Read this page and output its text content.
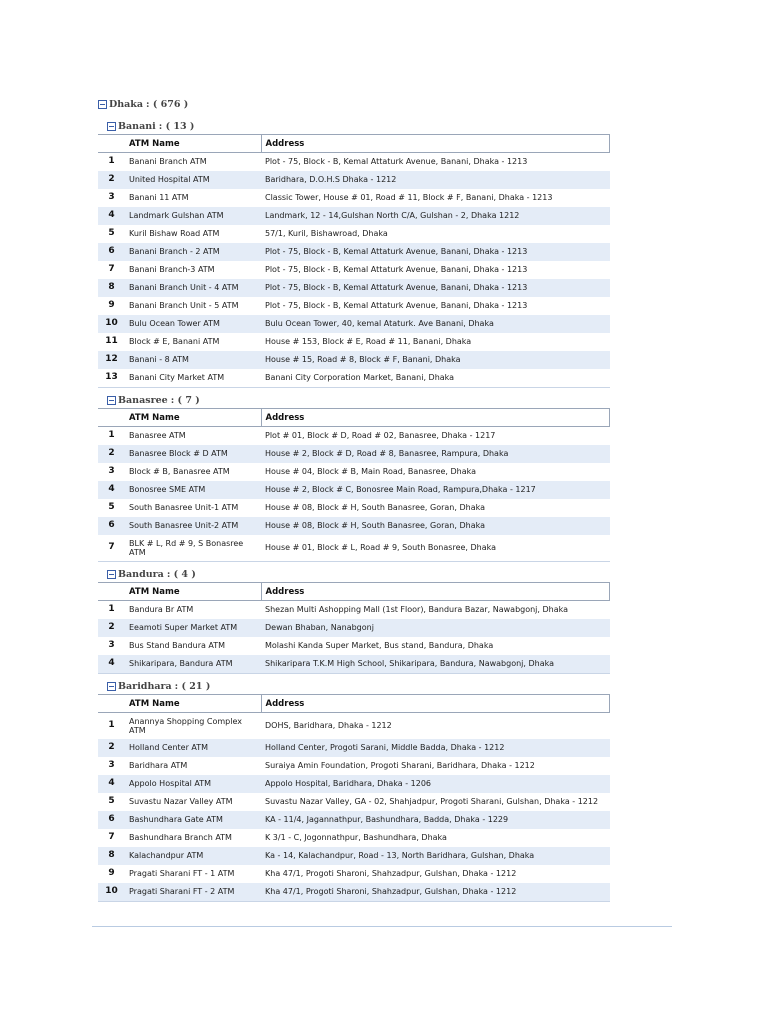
Dhaka : ( 676 )
Banani : ( 13 )
	ATM Name	Address
1	Banani Branch ATM	Plot - 75, Block - B, Kemal Attaturk Avenue, Banani, Dhaka - 1213
2	United Hospital ATM	Baridhara, D.O.H.S Dhaka - 1212
3	Banani 11 ATM	Classic Tower, House # 01, Road # 11, Block # F, Banani, Dhaka - 1213
4	Landmark Gulshan ATM	Landmark, 12 - 14,Gulshan North C/A, Gulshan - 2, Dhaka 1212
5	Kuril Bishaw Road ATM	57/1, Kuril, Bishawroad, Dhaka
6	Banani Branch - 2 ATM	Plot - 75, Block - B, Kemal Attaturk Avenue, Banani, Dhaka - 1213
7	Banani Branch-3 ATM	Plot - 75, Block - B, Kemal Attaturk Avenue, Banani, Dhaka - 1213
8	Banani Branch Unit - 4 ATM	Plot - 75, Block - B, Kemal Attaturk Avenue, Banani, Dhaka - 1213
9	Banani Branch Unit - 5 ATM	Plot - 75, Block - B, Kemal Attaturk Avenue, Banani, Dhaka - 1213
10	Bulu Ocean Tower ATM	Bulu Ocean Tower, 40, kemal Ataturk. Ave Banani, Dhaka
11	Block # E, Banani ATM	House # 153, Block # E, Road # 11, Banani, Dhaka
12	Banani - 8 ATM	House # 15, Road # 8, Block # F, Banani, Dhaka
13	Banani City Market ATM	Banani City Corporation Market, Banani, Dhaka
Banasree : ( 7 )
	ATM Name	Address
1	Banasree ATM	Plot # 01, Block # D, Road # 02, Banasree, Dhaka - 1217
2	Banasree Block # D ATM	House # 2, Block # D, Road # 8, Banasree, Rampura, Dhaka
3	Block # B, Banasree ATM	House # 04, Block # B, Main Road, Banasree, Dhaka
4	Bonosree SME ATM	House # 2, Block # C, Bonosree Main Road, Rampura,Dhaka - 1217
5	South Banasree Unit-1 ATM	House # 08, Block # H, South Banasree, Goran, Dhaka
6	South Banasree Unit-2 ATM	House # 08, Block # H, South Banasree, Goran, Dhaka
7	BLK # L, Rd # 9, S Bonasree ATM	House # 01, Block # L, Road # 9, South Bonasree, Dhaka
Bandura : ( 4 )
	ATM Name	Address
1	Bandura Br ATM	Shezan Multi Ashopping Mall (1st Floor), Bandura Bazar, Nawabgonj, Dhaka
2	Eeamoti Super Market ATM	Dewan Bhaban, Nanabgonj
3	Bus Stand Bandura ATM	Molashi Kanda Super Market, Bus stand, Bandura, Dhaka
4	Shikaripara, Bandura ATM	Shikaripara T.K.M High School, Shikaripara, Bandura, Nawabgonj, Dhaka
Baridhara : ( 21 )
	ATM Name	Address
1	Anannya Shopping Complex ATM	DOHS, Baridhara, Dhaka - 1212
2	Holland Center ATM	Holland Center, Progoti Sarani, Middle Badda, Dhaka - 1212
3	Baridhara ATM	Suraiya Amin Foundation, Progoti Sharani, Baridhara, Dhaka - 1212
4	Appolo Hospital ATM	Appolo Hospital, Baridhara, Dhaka - 1206
5	Suvastu Nazar Valley ATM	Suvastu Nazar Valley, GA - 02, Shahjadpur, Progoti Sharani, Gulshan, Dhaka - 1212
6	Bashundhara Gate ATM	KA - 11/4, Jagannathpur, Bashundhara, Badda, Dhaka - 1229
7	Bashundhara Branch ATM	K 3/1 - C, Jogonnathpur, Bashundhara, Dhaka
8	Kalachandpur ATM	Ka - 14, Kalachandpur, Road - 13, North Baridhara, Gulshan, Dhaka
9	Pragati Sharani FT - 1 ATM	Kha 47/1, Progoti Sharoni, Shahzadpur, Gulshan, Dhaka - 1212
10	Pragati Sharani FT - 2 ATM	Kha 47/1, Progoti Sharoni, Shahzadpur, Gulshan, Dhaka - 1212
